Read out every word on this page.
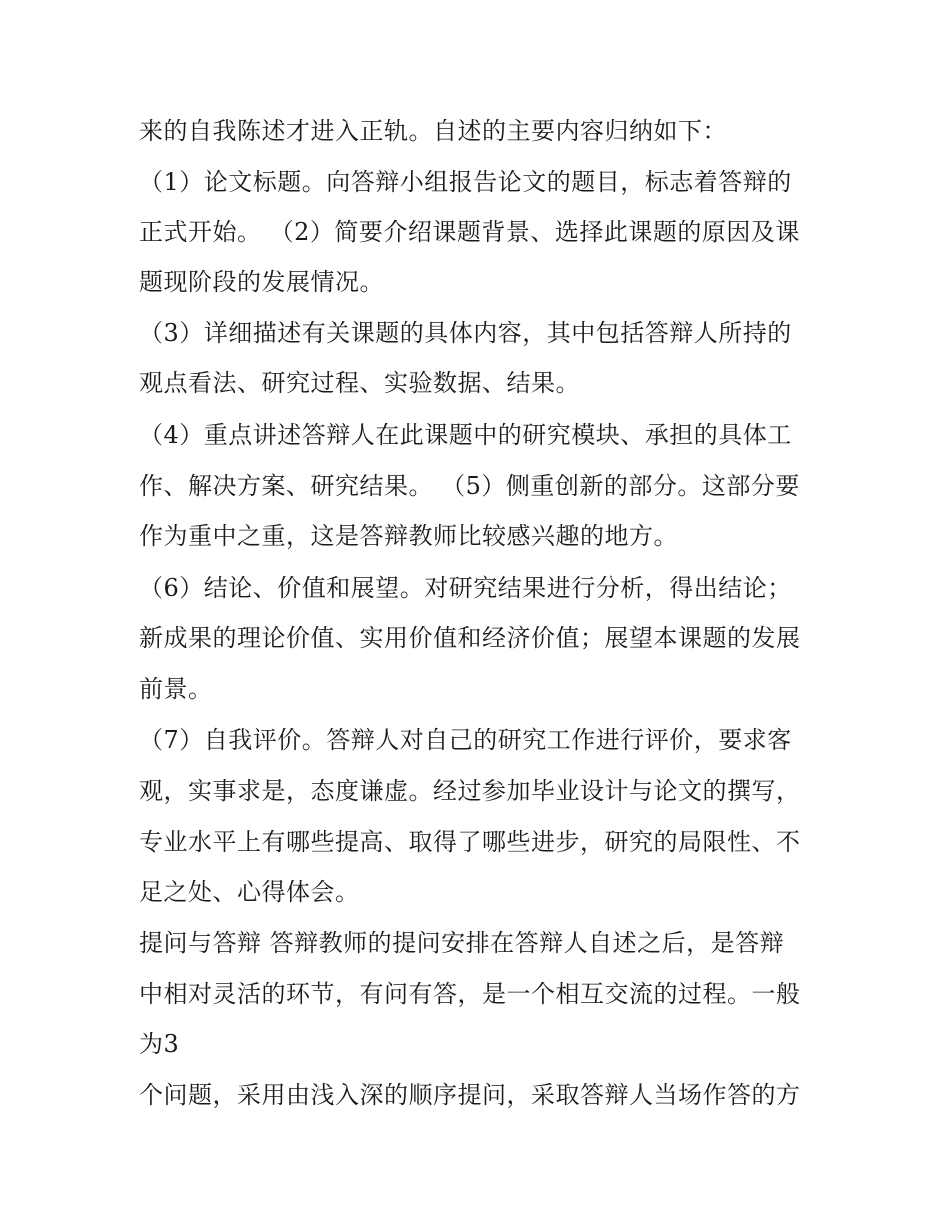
来的自我陈述才进入正轨。自述的主要内容归纳如下：
（1）论文标题。向答辩小组报告论文的题目，标志着答辩的
正式开始。 （2）简要介绍课题背景、选择此课题的原因及课
题现阶段的发展情况。
（3）详细描述有关课题的具体内容，其中包括答辩人所持的
观点看法、研究过程、实验数据、结果。
（4）重点讲述答辩人在此课题中的研究模块、承担的具体工
作、解决方案、研究结果。 （5）侧重创新的部分。这部分要
作为重中之重，这是答辩教师比较感兴趣的地方。
（6）结论、价值和展望。对研究结果进行分析，得出结论；
新成果的理论价值、实用价值和经济价值；展望本课题的发展
前景。
（7）自我评价。答辩人对自己的研究工作进行评价，要求客
观，实事求是，态度谦虚。经过参加毕业设计与论文的撰写，
专业水平上有哪些提高、取得了哪些进步，研究的局限性、不
足之处、心得体会。
提问与答辩 答辩教师的提问安排在答辩人自述之后，是答辩
中相对灵活的环节，有问有答，是一个相互交流的过程。一般
为3
个问题，采用由浅入深的顺序提问，采取答辩人当场作答的方
